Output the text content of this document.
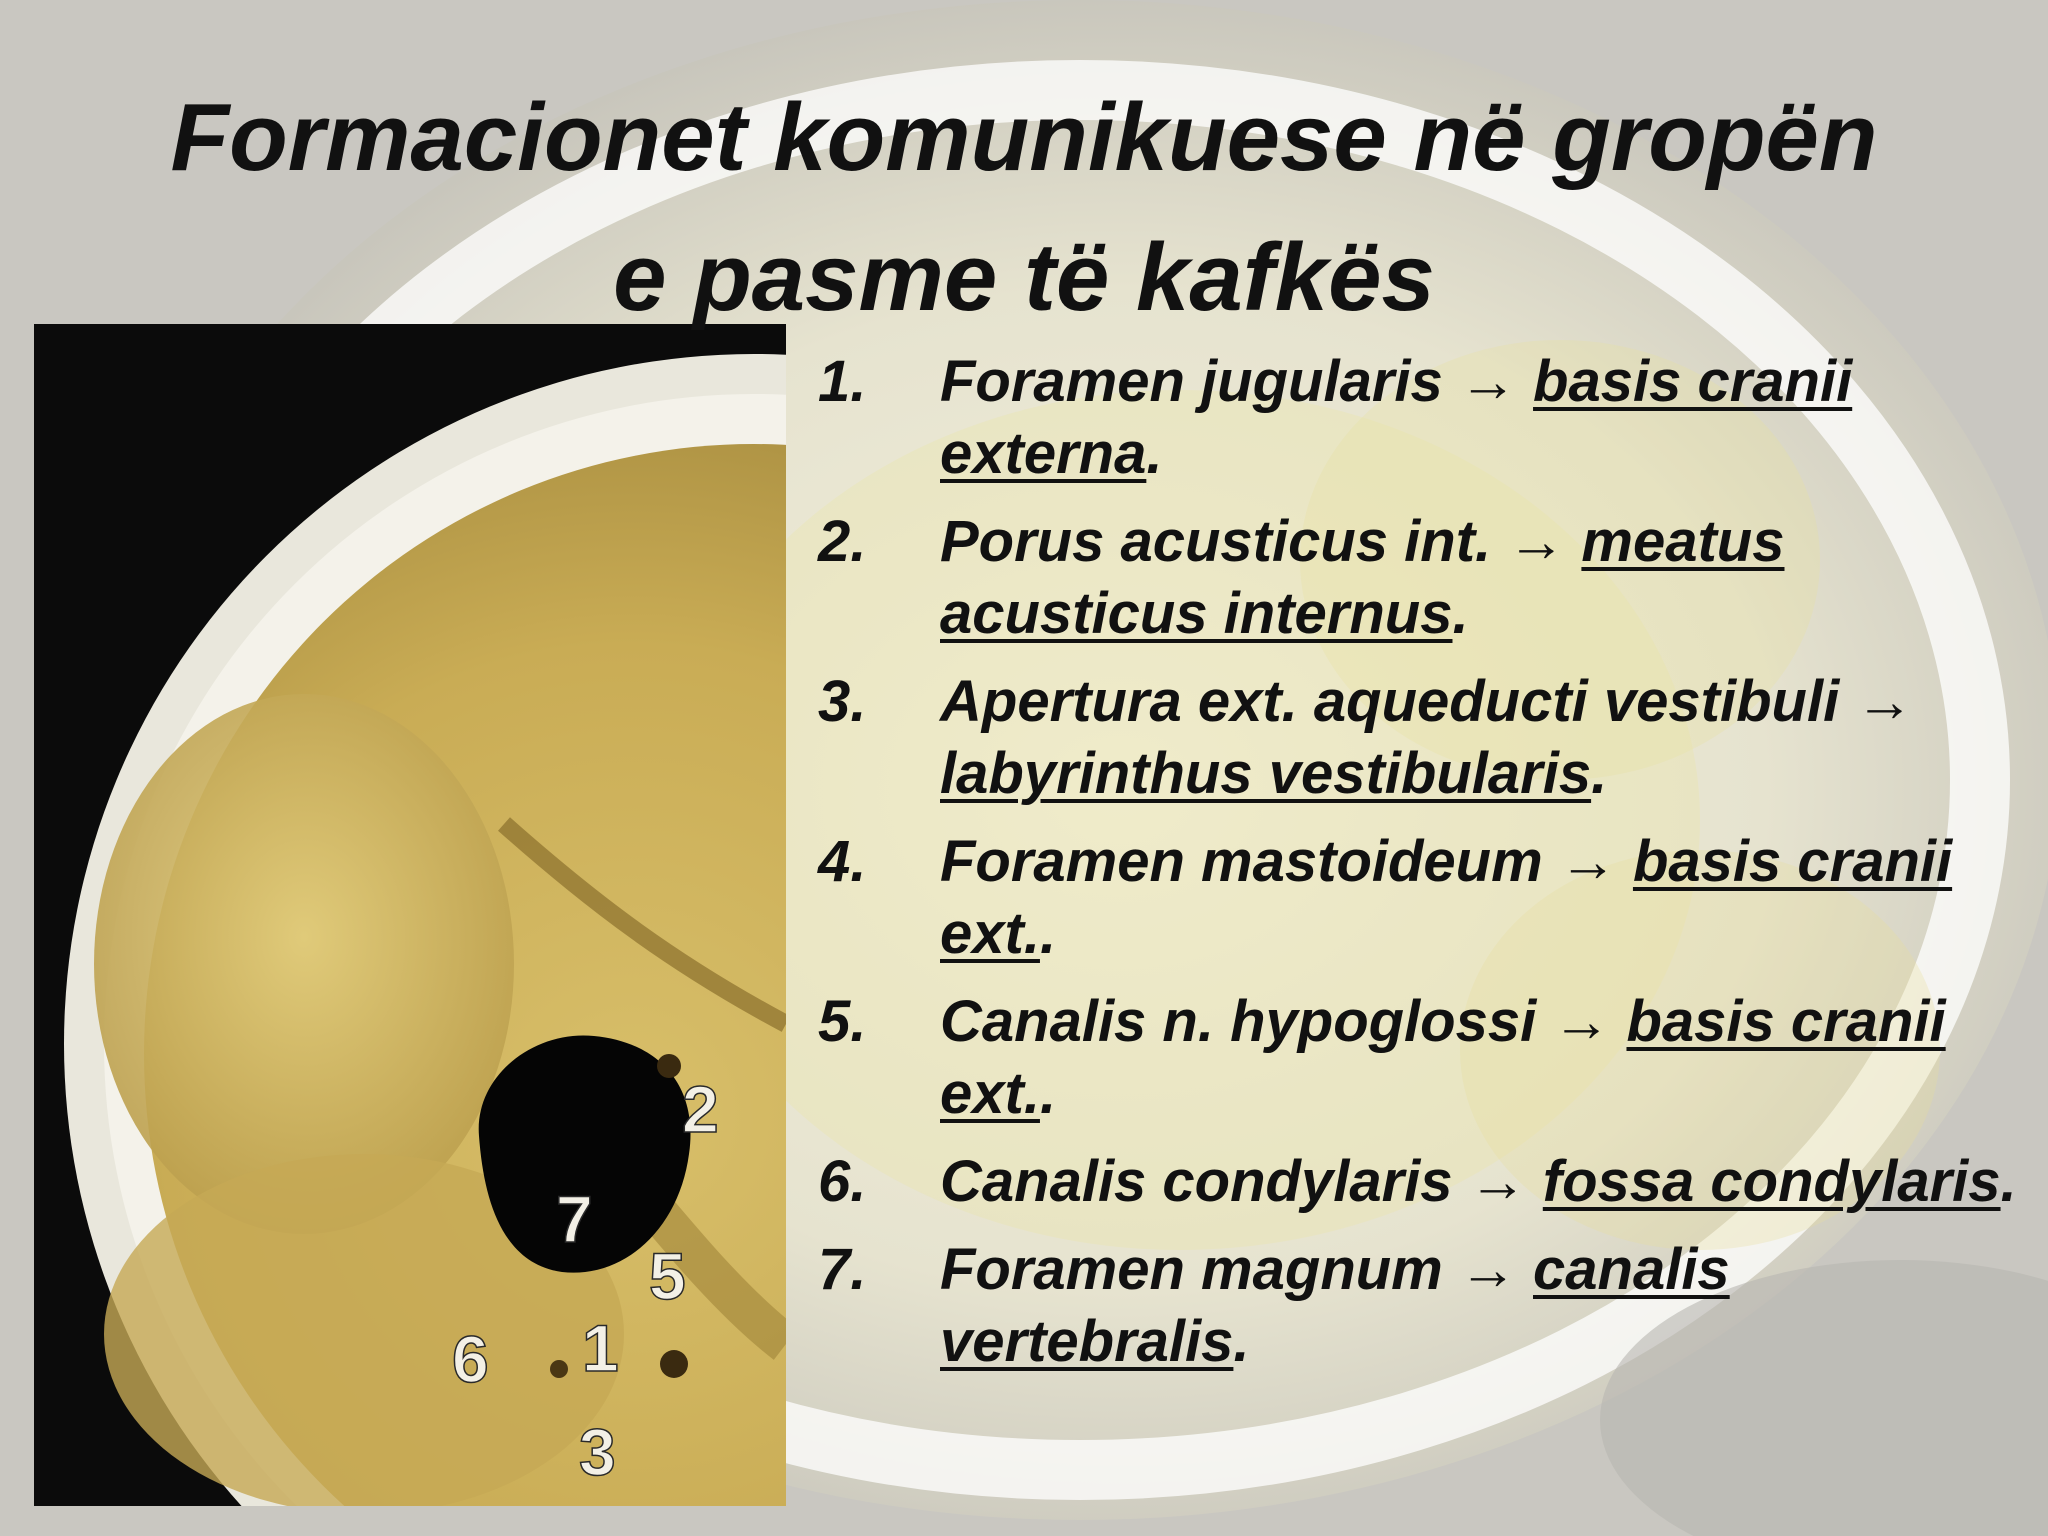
Formacionet komunikuese në gropën
e pasme të kafkës
2
7
5
6 1
3
1. Foramen jugularis → basis cranii externa.
2. Porus acusticus int. → meatus acusticus internus.
3. Apertura ext. aqueducti vestibuli → labyrinthus vestibularis.
4. Foramen mastoideum → basis cranii ext..
5. Canalis n. hypoglossi → basis cranii ext..
6. Canalis condylaris → fossa condylaris.
7. Foramen magnum → canalis vertebralis.
